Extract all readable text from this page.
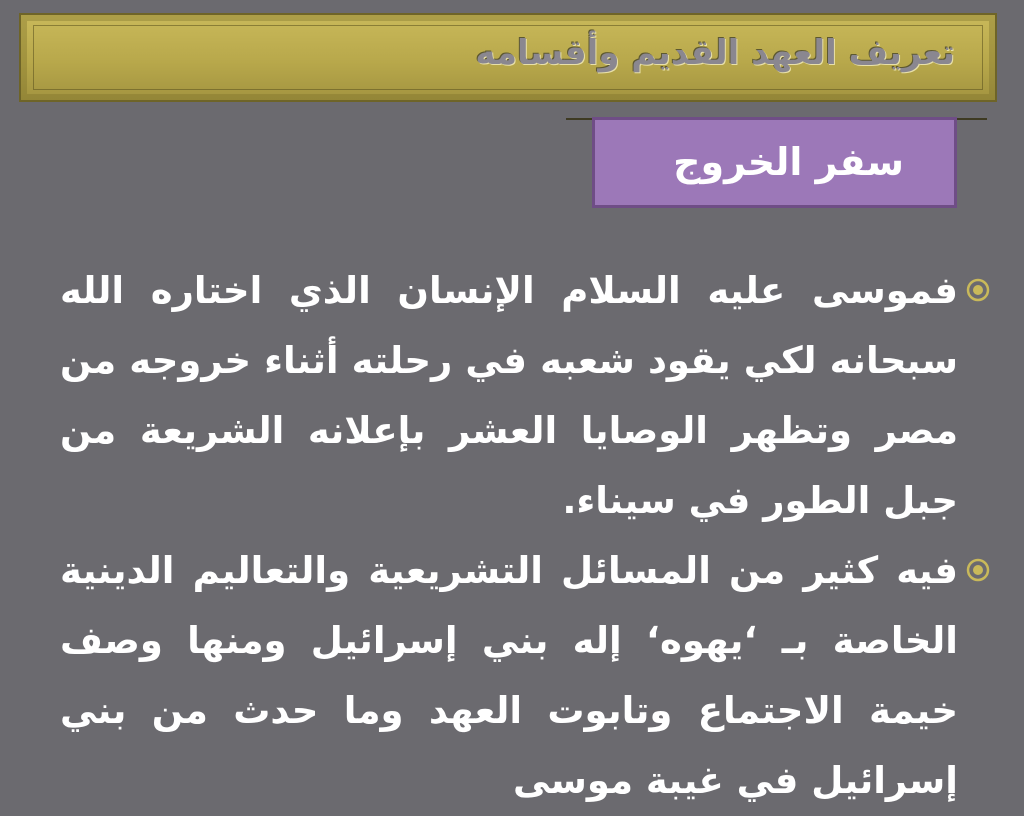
تعريف العهد القديم وأقسامه
سفر الخروج
فموسى عليه السلام الإنسان الذي اختاره الله سبحانه لكي يقود شعبه في رحلته أثناء خروجه من مصر وتظهر الوصايا العشر بإعلانه الشريعة من جبل الطور في سيناء.
فيه كثير من المسائل التشريعية والتعاليم الدينية الخاصة بـ ‘يهوه‘ إله بني إسرائيل ومنها وصف خيمة الاجتماع وتابوت العهد وما حدث من بني إسرائيل في غيبة موسى
